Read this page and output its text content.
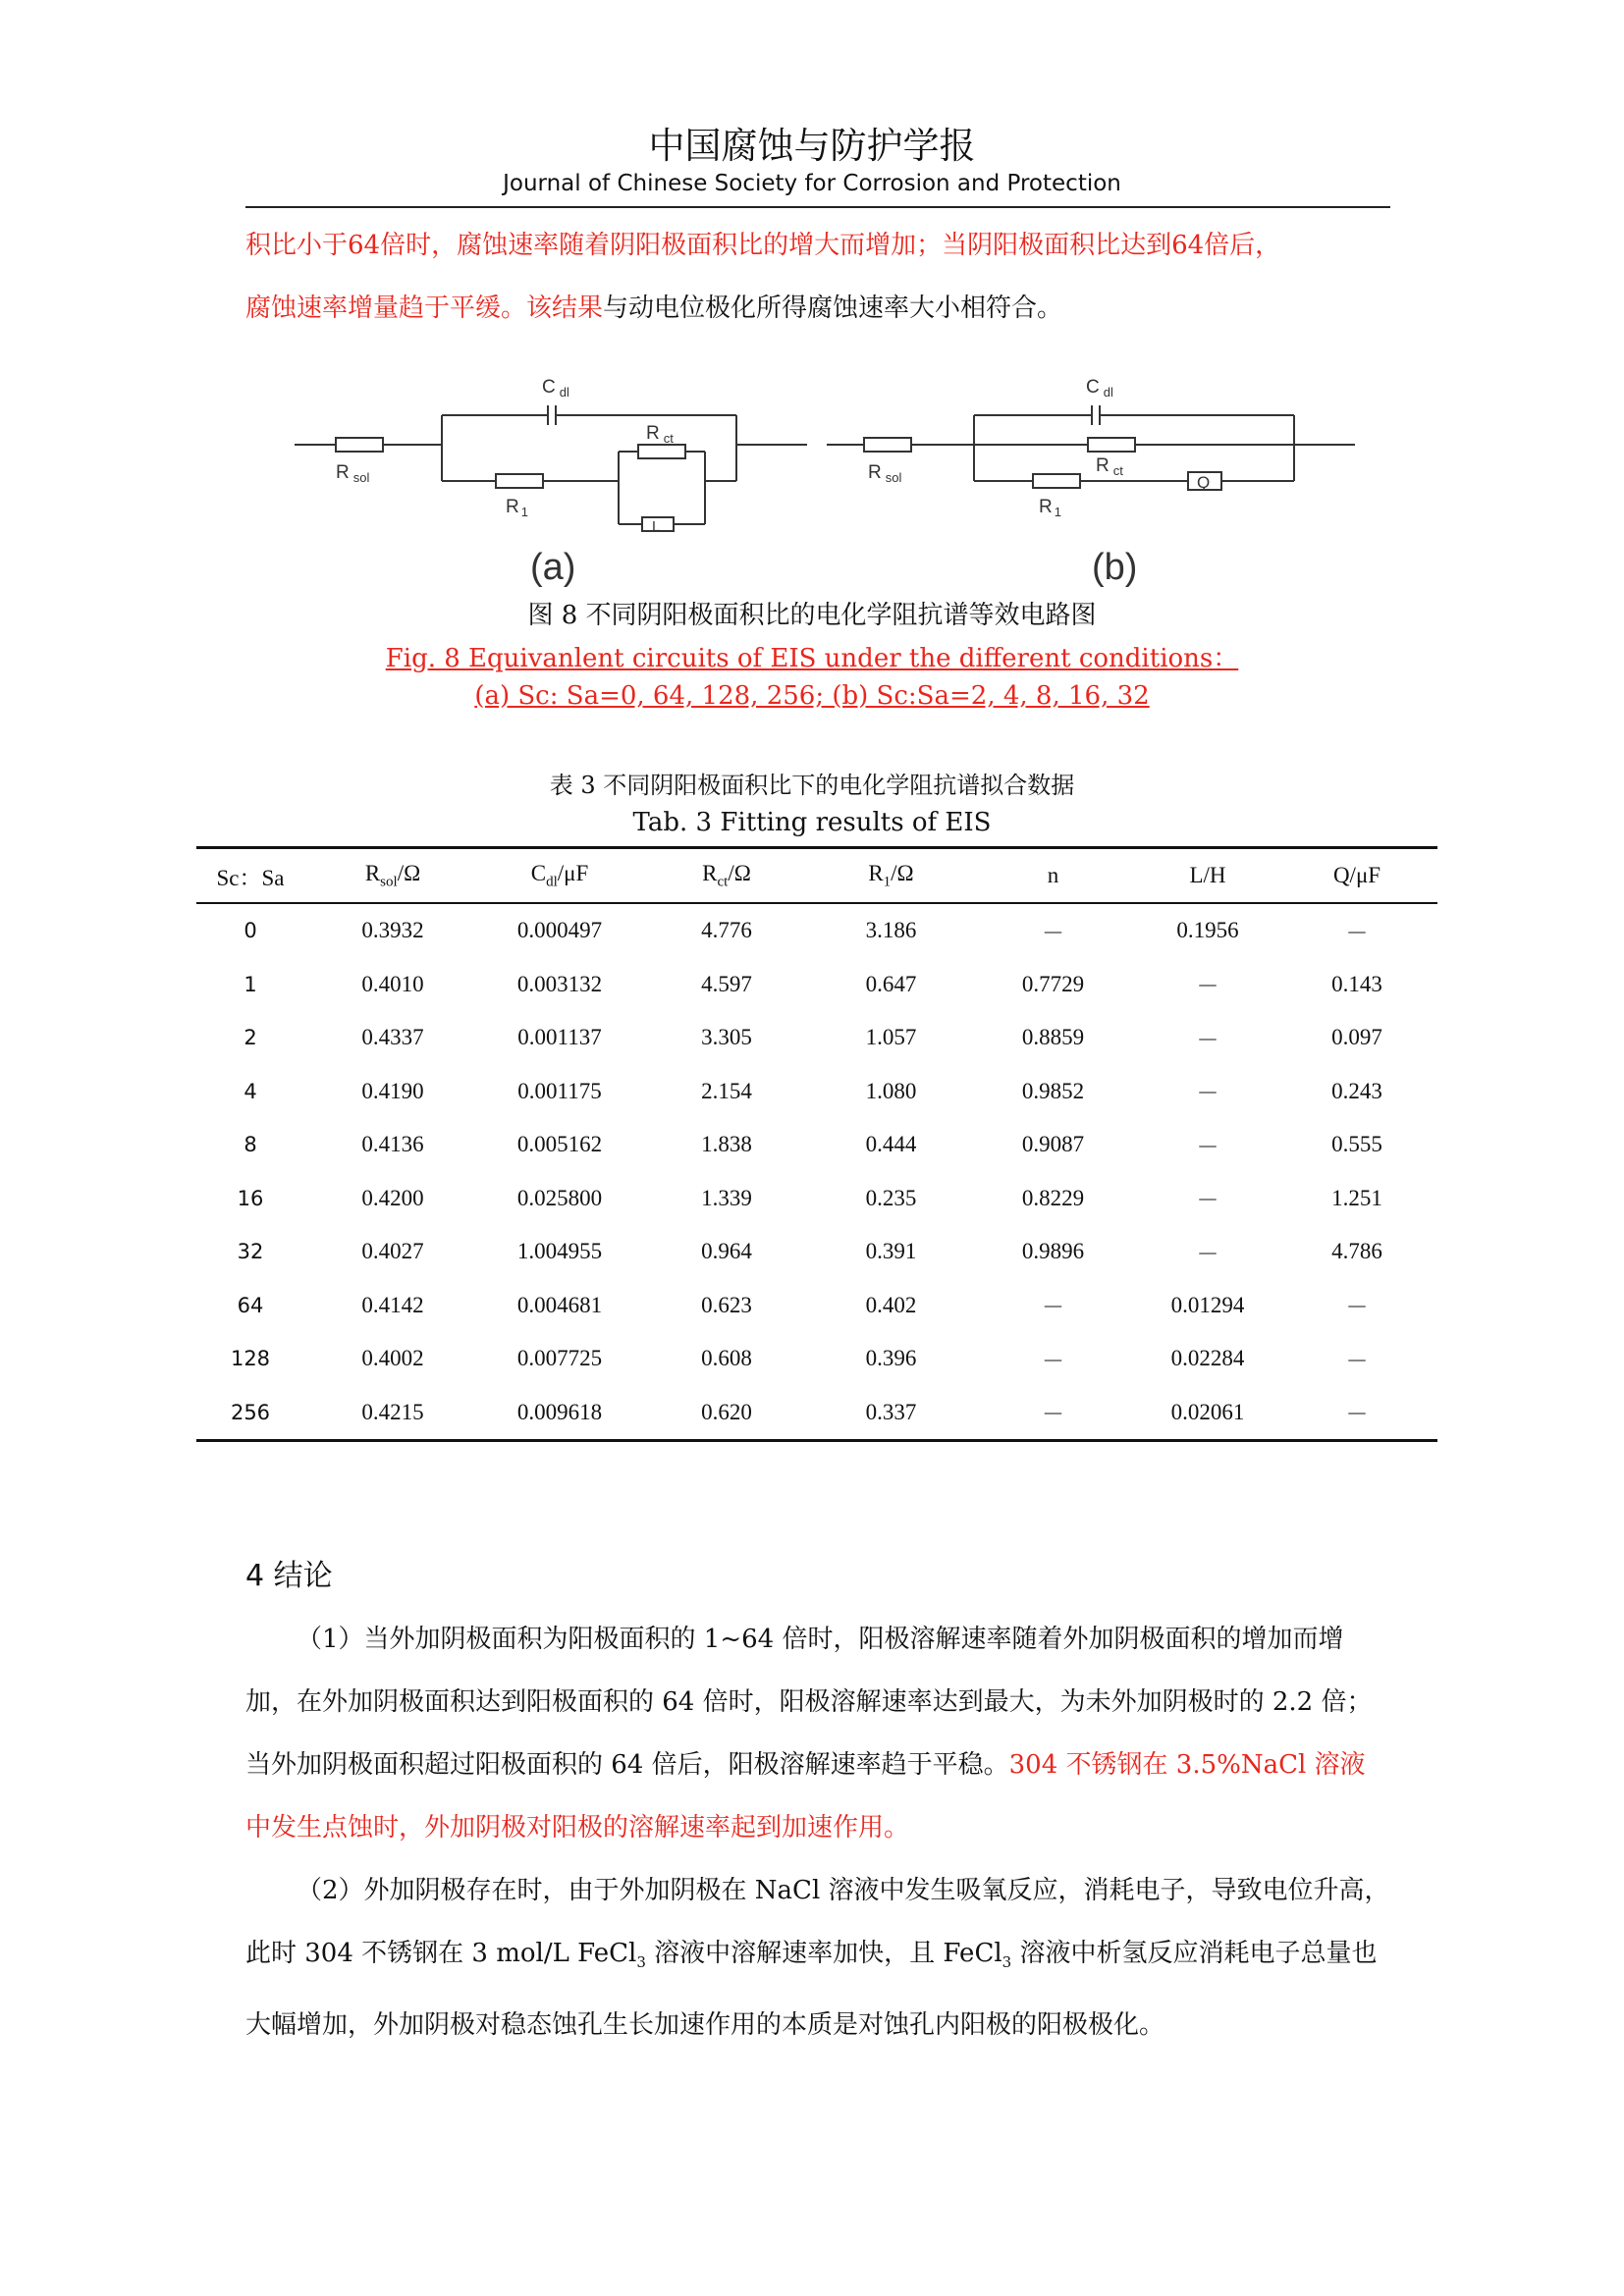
中国腐蚀与防护学报
Journal of Chinese Society for Corrosion and Protection

积比小于64倍时，腐蚀速率随着阴阳极面积比的增大而增加；当阴阳极面积比达到64倍后，

腐蚀速率增量趋于平缓。该结果与动电位极化所得腐蚀速率大小相符合。

C $_{dl}$
R $_{sol}$
R $_{ct}$
R $_1$
L
(a)
C $_{dl}$
R $_{sol}$
R $_{ct}$
R $_1$
Q
(b)
图 8 不同阴阳极面积比的电化学阻抗谱等效电路图
Fig. 8 Equivanlent circuits of EIS under the different conditions：
(a) Sc: Sa=0, 64, 128, 256; (b) Sc:Sa=2, 4, 8, 16, 32
表 3 不同阴阳极面积比下的电化学阻抗谱拟合数据
Tab. 3 Fitting results of EIS
Sc：Sa	$R_{sol}/\Omega$	$C_{dl}/\mu F$	$R_{ct}/\Omega$	$R_1/\Omega$	n	L/H	Q/μF
0	0.3932	0.000497	4.776	3.186	－	0.1956	－
1	0.4010	0.003132	4.597	0.647	0.7729	－	0.143
2	0.4337	0.001137	3.305	1.057	0.8859	－	0.097
4	0.4190	0.001175	2.154	1.080	0.9852	－	0.243
8	0.4136	0.005162	1.838	0.444	0.9087	－	0.555
16	0.4200	0.025800	1.339	0.235	0.8229	－	1.251
32	0.4027	1.004955	0.964	0.391	0.9896	－	4.786
64	0.4142	0.004681	0.623	0.402	－	0.01294	－
128	0.4002	0.007725	0.608	0.396	－	0.02284	－
256	0.4215	0.009618	0.620	0.337	－	0.02061	－
4 结论

（1）当外加阴极面积为阳极面积的 1~64 倍时，阳极溶解速率随着外加阴极面积的增加而增加，在外加阴极面积达到阳极面积的 64 倍时，阳极溶解速率达到最大，为未外加阴极时的 2.2 倍；当外加阴极面积超过阳极面积的 64 倍后，阳极溶解速率趋于平稳。304 不锈钢在 3.5%NaCl 溶液中发生点蚀时，外加阴极对阳极的溶解速率起到加速作用。

（2）外加阴极存在时，由于外加阴极在 NaCl 溶液中发生吸氧反应，消耗电子，导致电位升高，此时 304 不锈钢在 3 mol/L FeCl$_3$ 溶液中溶解速率加快，且 FeCl$_3$ 溶液中析氢反应消耗电子总量也大幅增加，外加阴极对稳态蚀孔生长加速作用的本质是对蚀孔内阳极的阳极极化。
